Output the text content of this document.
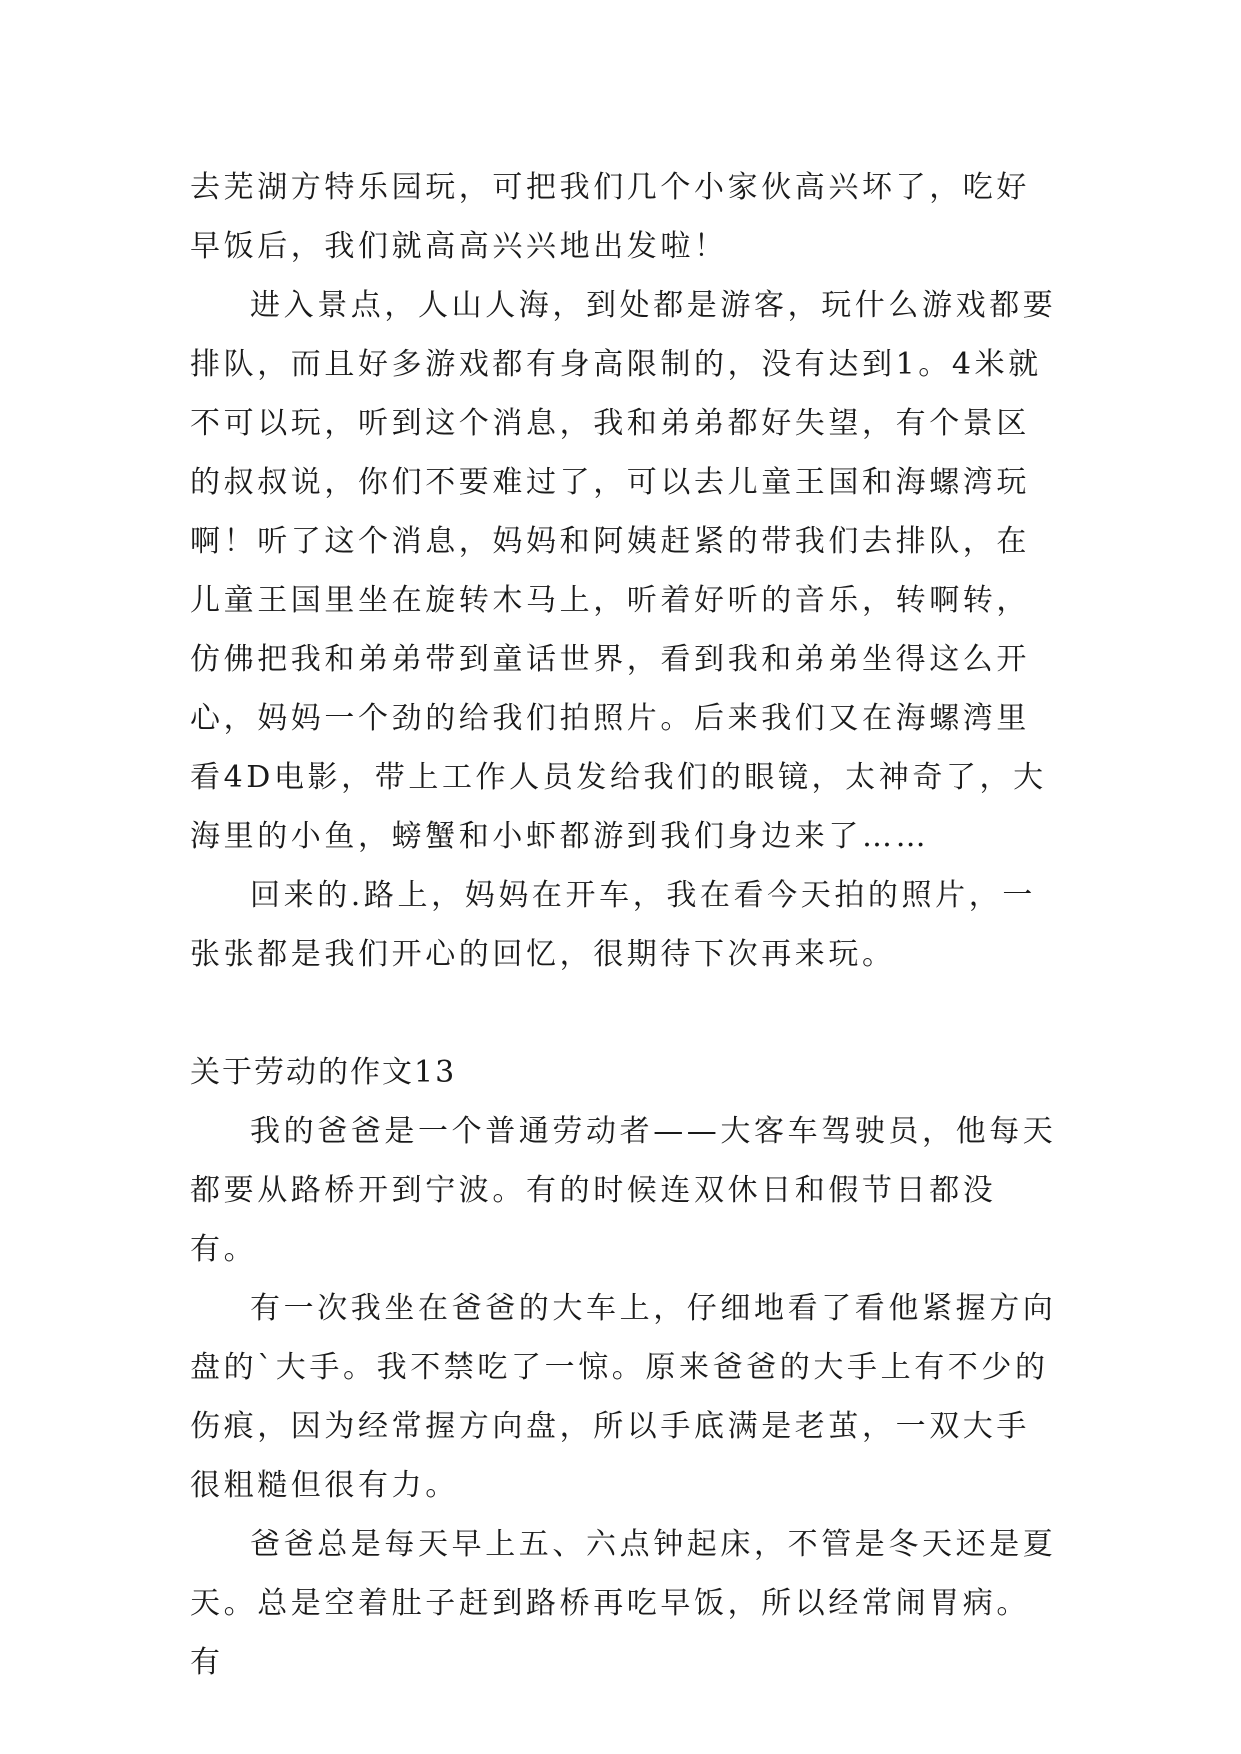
去芜湖方特乐园玩，可把我们几个小家伙高兴坏了，吃好早饭后，我们就高高兴兴地出发啦！

进入景点，人山人海，到处都是游客，玩什么游戏都要排队，而且好多游戏都有身高限制的，没有达到1。4米就不可以玩，听到这个消息，我和弟弟都好失望，有个景区的叔叔说，你们不要难过了，可以去儿童王国和海螺湾玩啊！听了这个消息，妈妈和阿姨赶紧的带我们去排队，在儿童王国里坐在旋转木马上，听着好听的音乐，转啊转，仿佛把我和弟弟带到童话世界，看到我和弟弟坐得这么开心，妈妈一个劲的给我们拍照片。后来我们又在海螺湾里看4D电影，带上工作人员发给我们的眼镜，太神奇了，大海里的小鱼，螃蟹和小虾都游到我们身边来了……

回来的.路上，妈妈在开车，我在看今天拍的照片，一张张都是我们开心的回忆，很期待下次再来玩。

关于劳动的作文13

我的爸爸是一个普通劳动者——大客车驾驶员，他每天都要从路桥开到宁波。有的时候连双休日和假节日都没有。

有一次我坐在爸爸的大车上，仔细地看了看他紧握方向盘的`大手。我不禁吃了一惊。原来爸爸的大手上有不少的伤痕，因为经常握方向盘，所以手底满是老茧，一双大手很粗糙但很有力。

爸爸总是每天早上五、六点钟起床，不管是冬天还是夏天。总是空着肚子赶到路桥再吃早饭，所以经常闹胃病。有
